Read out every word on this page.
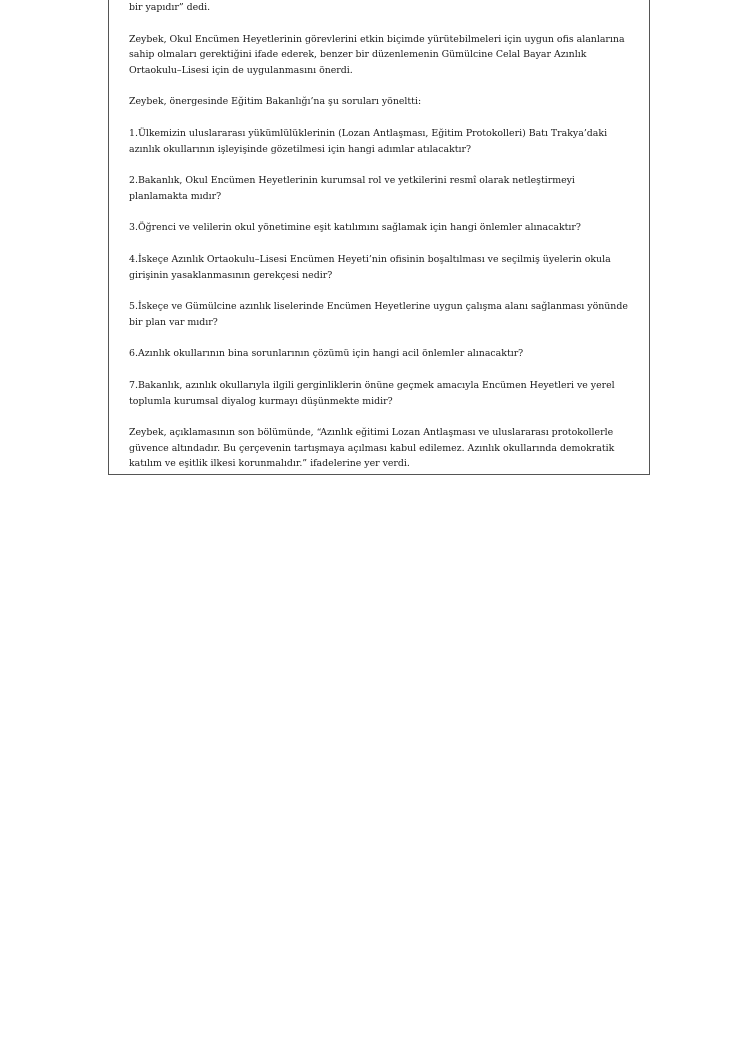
bir yapıdır” dedi.

Zeybek, Okul Encümen Heyetlerinin görevlerini etkin biçimde yürütebilmeleri için uygun ofis alanlarına sahip olmaları gerektiğini ifade ederek, benzer bir düzenlemenin Gümülcine Celal Bayar Azınlık Ortaokulu–Lisesi için de uygulanmasını önerdi.

Zeybek, önergesinde Eğitim Bakanlığı’na şu soruları yöneltti:

1.Ülkemizin uluslararası yükümlülüklerinin (Lozan Antlaşması, Eğitim Protokolleri) Batı Trakya’daki azınlık okullarının işleyişinde gözetilmesi için hangi adımlar atılacaktır?

2.Bakanlık, Okul Encümen Heyetlerinin kurumsal rol ve yetkilerini resmî olarak netleştirmeyi planlamakta mıdır?

3.Öğrenci ve velilerin okul yönetimine eşit katılımını sağlamak için hangi önlemler alınacaktır?

4.İskeçe Azınlık Ortaokulu–Lisesi Encümen Heyeti’nin ofisinin boşaltılması ve seçilmiş üyelerin okula girişinin yasaklanmasının gerekçesi nedir?

5.İskeçe ve Gümülcine azınlık liselerinde Encümen Heyetlerine uygun çalışma alanı sağlanması yönünde bir plan var mıdır?

6.Azınlık okullarının bina sorunlarının çözümü için hangi acil önlemler alınacaktır?

7.Bakanlık, azınlık okullarıyla ilgili gerginliklerin önüne geçmek amacıyla Encümen Heyetleri ve yerel toplumla kurumsal diyalog kurmayı düşünmekte midir?

Zeybek, açıklamasının son bölümünde, “Azınlık eğitimi Lozan Antlaşması ve uluslararası protokollerle güvence altındadır. Bu çerçevenin tartışmaya açılması kabul edilemez. Azınlık okullarında demokratik katılım ve eşitlik ilkesi korunmalıdır.” ifadelerine yer verdi.
